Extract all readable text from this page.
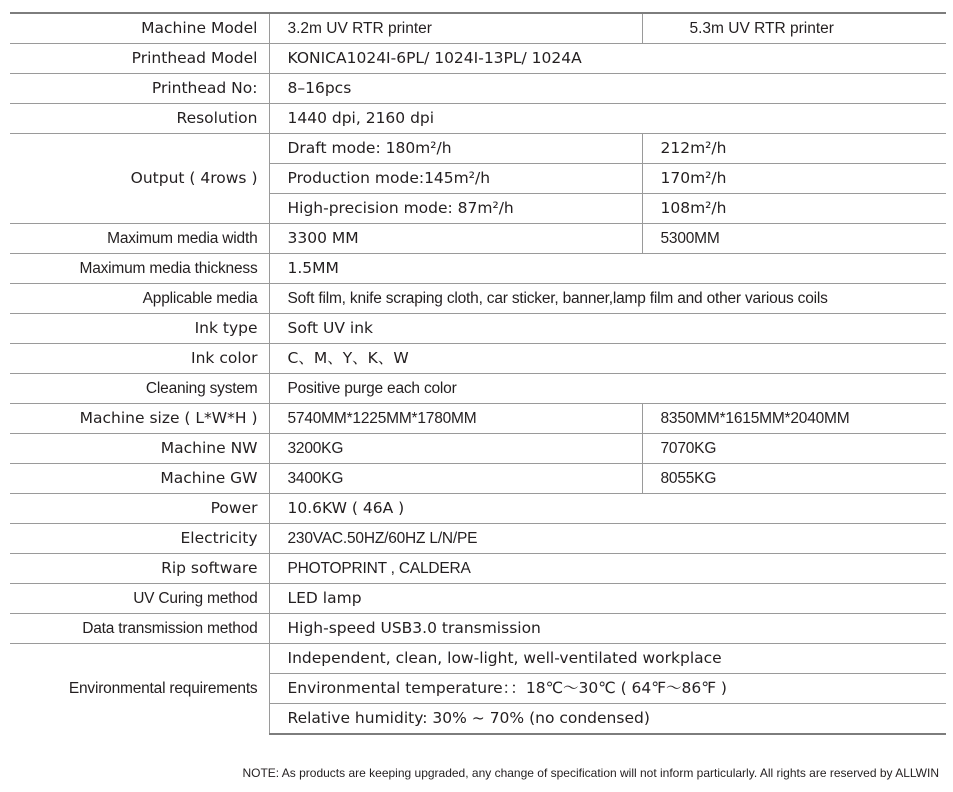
Machine Model	3.2m UV RTR printer	5.3m UV RTR printer
Printhead Model	KONICA1024I-6PL/ 1024I-13PL/ 1024A	
Printhead No:	8–16pcs	
Resolution	1440 dpi, 2160 dpi	
Output ( 4rows )	Draft mode: 180m²/h	212m²/h
	Production mode:145m²/h	170m²/h
	High-precision mode: 87m²/h	108m²/h
Maximum media width	3300 MM	5300MM
Maximum media thickness	1.5MM	
Applicable media	Soft film, knife scraping cloth, car sticker, banner,lamp film and other various coils	
Ink type	Soft UV ink	
Ink color	C、M、Y、K、W	
Cleaning system	Positive purge each color	
Machine size ( L*W*H )	5740MM*1225MM*1780MM	8350MM*1615MM*2040MM
Machine NW	3200KG	7070KG
Machine GW	3400KG	8055KG
Power	10.6KW ( 46A )	
Electricity	230VAC.50HZ/60HZ L/N/PE	
Rip software	PHOTOPRINT , CALDERA	
UV Curing method	LED lamp	
Data transmission method	High-speed USB3.0 transmission	
Environmental requirements	Independent, clean, low-light, well-ventilated workplace	
	Environmental temperature：：18℃～30℃ ( 64℉～86℉ )	
	Relative humidity: 30% ~ 70% (no condensed)	
NOTE: As products are keeping upgraded, any change of specification will not inform particularly. All rights are reserved by ALLWIN
